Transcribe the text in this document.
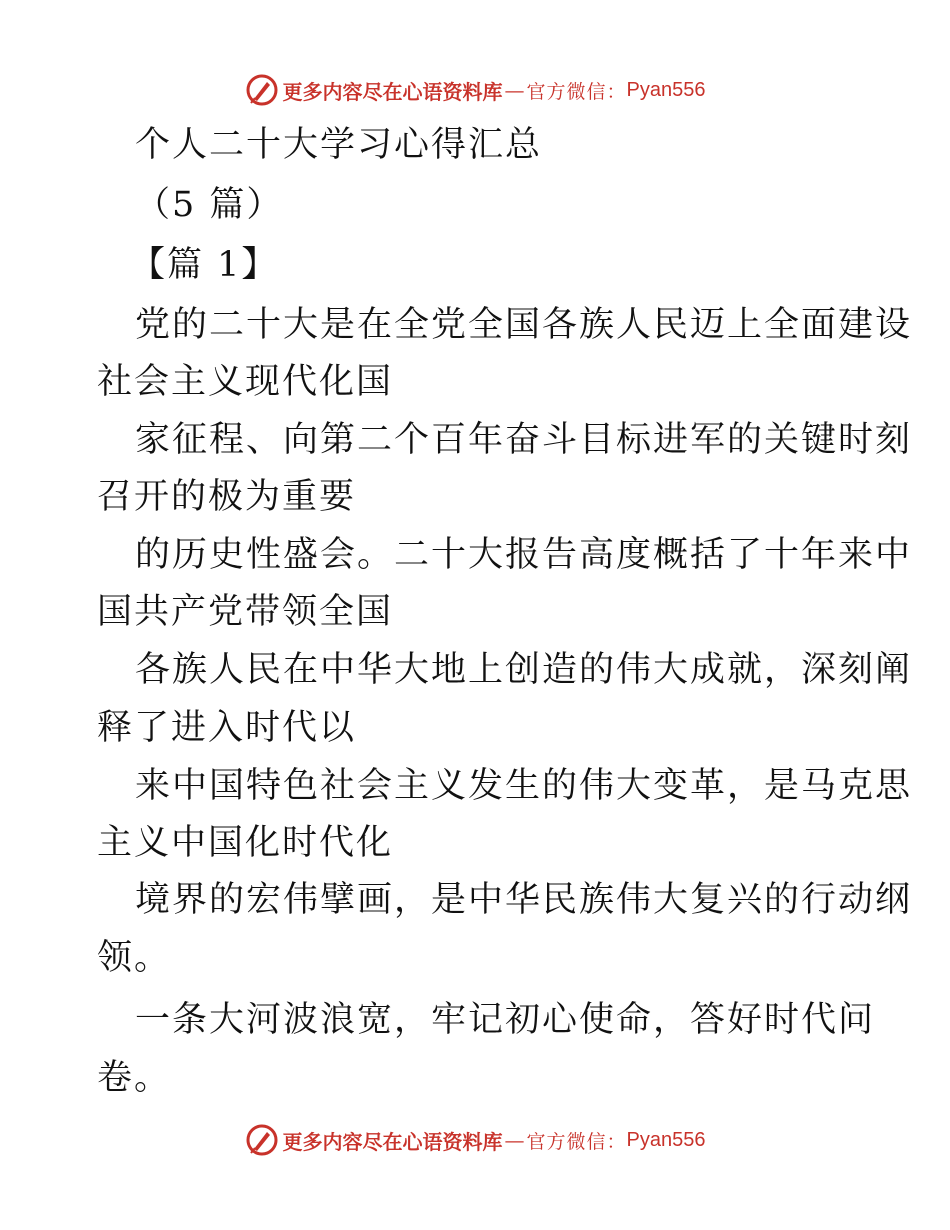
更多内容尽在心语资料库 — 官方微信： Pyan556
个人二十大学习心得汇总
（5 篇）
【篇 1】
党的二十大是在全党全国各族人民迈上全面建设
社会主义现代化国
家征程、向第二个百年奋斗目标进军的关键时刻
召开的极为重要
的历史性盛会。二十大报告高度概括了十年来中
国共产党带领全国
各族人民在中华大地上创造的伟大成就，深刻阐
释了进入时代以
来中国特色社会主义发生的伟大变革，是马克思
主义中国化时代化
境界的宏伟擘画，是中华民族伟大复兴的行动纲
领。
一条大河波浪宽，牢记初心使命，答好时代问
卷。
更多内容尽在心语资料库 — 官方微信： Pyan556
